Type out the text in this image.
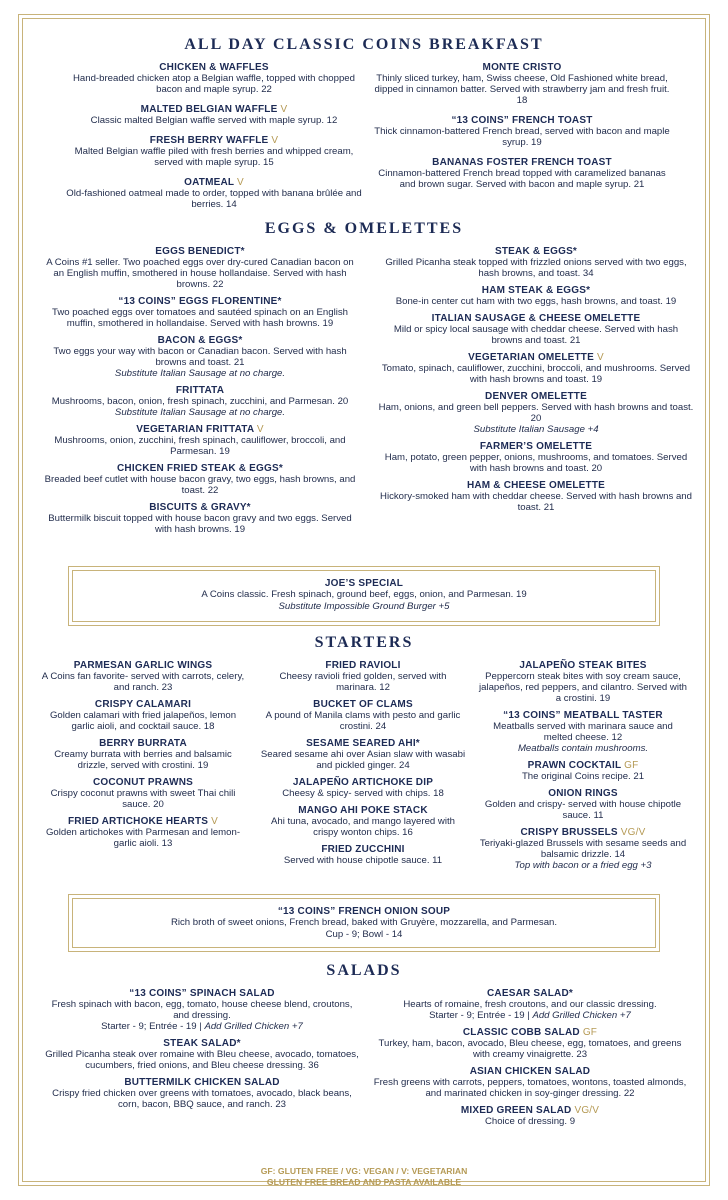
ALL DAY CLASSIC COINS BREAKFAST
CHICKEN & WAFFLES
Hand-breaded chicken atop a Belgian waffle, topped with chopped bacon and maple syrup. 22
MALTED BELGIAN WAFFLE V
Classic malted Belgian waffle served with maple syrup. 12
FRESH BERRY WAFFLE V
Malted Belgian waffle piled with fresh berries and whipped cream, served with maple syrup. 15
OATMEAL V
Old-fashioned oatmeal made to order, topped with banana brûlée and berries. 14
MONTE CRISTO
Thinly sliced turkey, ham, Swiss cheese, Old Fashioned white bread, dipped in cinnamon batter. Served with strawberry jam and fresh fruit. 18
“13 COINS” FRENCH TOAST
Thick cinnamon-battered French bread, served with bacon and maple syrup. 19
BANANAS FOSTER FRENCH TOAST
Cinnamon-battered French bread topped with caramelized bananas and brown sugar. Served with bacon and maple syrup. 21
EGGS & OMELETTES
EGGS BENEDICT*
A Coins #1 seller. Two poached eggs over dry-cured Canadian bacon on an English muffin, smothered in house hollandaise. Served with hash browns. 22
“13 COINS” EGGS FLORENTINE*
Two poached eggs over tomatoes and sautéed spinach on an English muffin, smothered in hollandaise. Served with hash browns. 19
BACON & EGGS*
Two eggs your way with bacon or Canadian bacon. Served with hash browns and toast. 21
Substitute Italian Sausage at no charge.
FRITTATA
Mushrooms, bacon, onion, fresh spinach, zucchini, and Parmesan. 20
Substitute Italian Sausage at no charge.
VEGETARIAN FRITTATA V
Mushrooms, onion, zucchini, fresh spinach, cauliflower, broccoli, and Parmesan. 19
CHICKEN FRIED STEAK & EGGS*
Breaded beef cutlet with house bacon gravy, two eggs, hash browns, and toast. 22
BISCUITS & GRAVY*
Buttermilk biscuit topped with house bacon gravy and two eggs. Served with hash browns. 19
STEAK & EGGS*
Grilled Picanha steak topped with frizzled onions served with two eggs, hash browns, and toast. 34
HAM STEAK & EGGS*
Bone-in center cut ham with two eggs, hash browns, and toast. 19
ITALIAN SAUSAGE & CHEESE OMELETTE
Mild or spicy local sausage with cheddar cheese. Served with hash browns and toast. 21
VEGETARIAN OMELETTE V
Tomato, spinach, cauliflower, zucchini, broccoli, and mushrooms. Served with hash browns and toast. 19
DENVER OMELETTE
Ham, onions, and green bell peppers. Served with hash browns and toast. 20
Substitute Italian Sausage +4
FARMER’S OMELETTE
Ham, potato, green pepper, onions, mushrooms, and tomatoes. Served with hash browns and toast. 20
HAM & CHEESE OMELETTE
Hickory-smoked ham with cheddar cheese. Served with hash browns and toast. 21
JOE’S SPECIAL
A Coins classic. Fresh spinach, ground beef, eggs, onion, and Parmesan. 19
Substitute Impossible Ground Burger +5
STARTERS
PARMESAN GARLIC WINGS
A Coins fan favorite- served with carrots, celery, and ranch. 23
CRISPY CALAMARI
Golden calamari with fried jalapeños, lemon garlic aioli, and cocktail sauce. 18
BERRY BURRATA
Creamy burrata with berries and balsamic drizzle, served with crostini. 19
COCONUT PRAWNS
Crispy coconut prawns with sweet Thai chili sauce. 20
FRIED ARTICHOKE HEARTS V
Golden artichokes with Parmesan and lemon-garlic aioli. 13
FRIED RAVIOLI
Cheesy ravioli fried golden, served with marinara. 12
BUCKET OF CLAMS
A pound of Manila clams with pesto and garlic crostini. 24
SESAME SEARED AHI*
Seared sesame ahi over Asian slaw with wasabi and pickled ginger. 24
JALAPEÑO ARTICHOKE DIP
Cheesy & spicy- served with chips. 18
MANGO AHI POKE STACK
Ahi tuna, avocado, and mango layered with crispy wonton chips. 16
FRIED ZUCCHINI
Served with house chipotle sauce. 11
JALAPEÑO STEAK BITES
Peppercorn steak bites with soy cream sauce, jalapeños, red peppers, and cilantro. Served with a crostini. 19
“13 COINS” MEATBALL TASTER
Meatballs served with marinara sauce and melted cheese. 12
Meatballs contain mushrooms.
PRAWN COCKTAIL GF
The original Coins recipe. 21
ONION RINGS
Golden and crispy- served with house chipotle sauce. 11
CRISPY BRUSSELS VG/V
Teriyaki-glazed Brussels with sesame seeds and balsamic drizzle. 14
Top with bacon or a fried egg +3
“13 COINS” FRENCH ONION SOUP
Rich broth of sweet onions, French bread, baked with Gruyère, mozzarella, and Parmesan.
Cup - 9; Bowl - 14
SALADS
“13 COINS” SPINACH SALAD
Fresh spinach with bacon, egg, tomato, house cheese blend, croutons, and dressing.
Starter - 9; Entrée - 19 | Add Grilled Chicken +7
STEAK SALAD*
Grilled Picanha steak over romaine with Bleu cheese, avocado, tomatoes, cucumbers, fried onions, and Bleu cheese dressing. 36
BUTTERMILK CHICKEN SALAD
Crispy fried chicken over greens with tomatoes, avocado, black beans, corn, bacon, BBQ sauce, and ranch. 23
CAESAR SALAD*
Hearts of romaine, fresh croutons, and our classic dressing.
Starter - 9; Entrée - 19 | Add Grilled Chicken +7
CLASSIC COBB SALAD GF
Turkey, ham, bacon, avocado, Bleu cheese, egg, tomatoes, and greens with creamy vinaigrette. 23
ASIAN CHICKEN SALAD
Fresh greens with carrots, peppers, tomatoes, wontons, toasted almonds, and marinated chicken in soy-ginger dressing. 22
MIXED GREEN SALAD VG/V
Choice of dressing. 9
GF: GLUTEN FREE / VG: VEGAN / V: VEGETARIAN
GLUTEN FREE BREAD AND PASTA AVAILABLE
